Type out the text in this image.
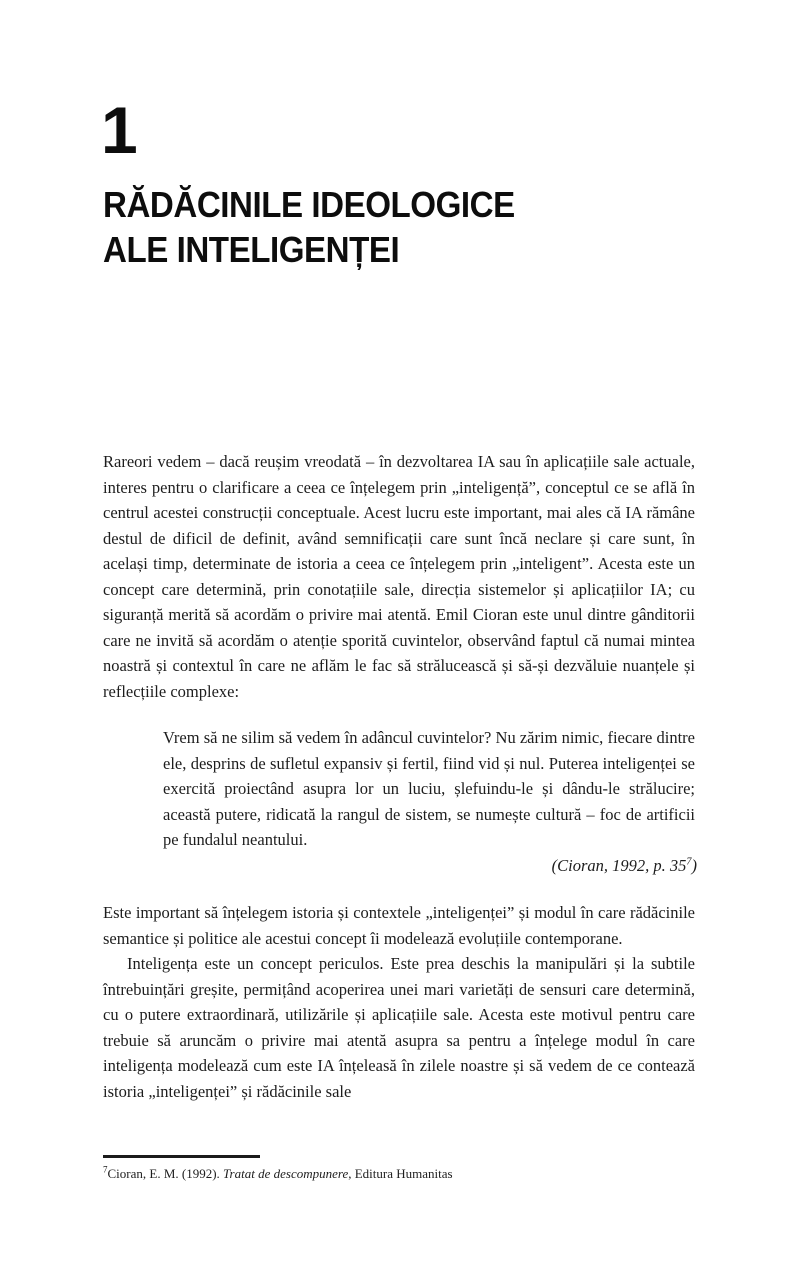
1
RĂDĂCINILE IDEOLOGICE
ALE INTELIGENȚEI

Rareori vedem – dacă reușim vreodată – în dezvoltarea IA sau în aplicațiile sale actuale, interes pentru o clarificare a ceea ce înțelegem prin „inteligență”, conceptul ce se află în centrul acestei construcții conceptuale. Acest lucru este important, mai ales că IA rămâne destul de dificil de definit, având semnificații care sunt încă neclare și care sunt, în același timp, determinate de istoria a ceea ce înțelegem prin „inteligent”. Acesta este un concept care determină, prin conotațiile sale, direcția sistemelor și aplicațiilor IA; cu siguranță merită să acordăm o privire mai atentă. Emil Cioran este unul dintre gânditorii care ne invită să acordăm o atenție sporită cuvintelor, observând faptul că numai mintea noastră și contextul în care ne aflăm le fac să strălucească și să-și dezvăluie nuanțele și reflecțiile complexe:

Vrem să ne silim să vedem în adâncul cuvintelor? Nu zărim nimic, fiecare dintre ele, desprins de sufletul expansiv și fertil, fiind vid și nul. Puterea inteligenței se exercită proiectând asupra lor un luciu, șlefuindu-le și dându-le strălucire; această putere, ridicată la rangul de sistem, se numește cultură – foc de artificii pe fundalul neantului.

(Cioran, 1992, p. $35^7$)

Este important să înțelegem istoria și contextele „inteligenței” și modul în care rădăcinile semantice și politice ale acestui concept îi modelează evoluțiile contemporane.

Inteligența este un concept periculos. Este prea deschis la manipulări și la subtile întrebuințări greșite, permițând acoperirea unei mari varietăți de sensuri care determină, cu o putere extraordinară, utilizările și aplicațiile sale. Acesta este motivul pentru care trebuie să aruncăm o privire mai atentă asupra sa pentru a înțelege modul în care inteligența modelează cum este IA înțeleasă în zilele noastre și să vedem de ce contează istoria „inteligenței” și rădăcinile sale

$^7$Cioran, E. M. (1992). Tratat de descompunere, Editura Humanitas
